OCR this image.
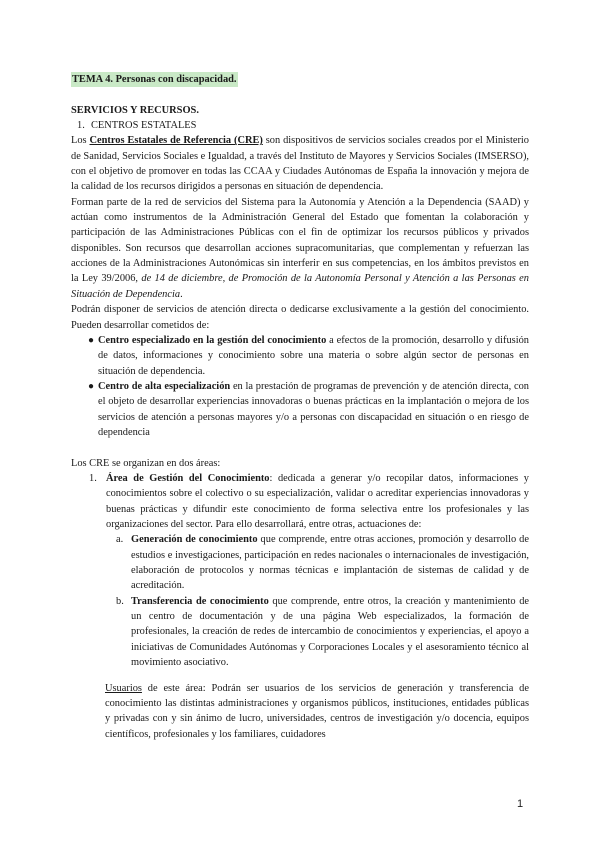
TEMA 4. Personas con discapacidad.
SERVICIOS Y RECURSOS.
1. CENTROS ESTATALES

Los Centros Estatales de Referencia (CRE) son dispositivos de servicios sociales creados por el Ministerio de Sanidad, Servicios Sociales e Igualdad, a través del Instituto de Mayores y Servicios Sociales (IMSERSO), con el objetivo de promover en todas las CCAA y Ciudades Autónomas de España la innovación y mejora de la calidad de los recursos dirigidos a personas en situación de dependencia.

Forman parte de la red de servicios del Sistema para la Autonomía y Atención a la Dependencia (SAAD) y actúan como instrumentos de la Administración General del Estado que fomentan la colaboración y participación de las Administraciones Públicas con el fin de optimizar los recursos públicos y privados disponibles. Son recursos que desarrollan acciones supracomunitarias, que complementan y refuerzan las acciones de la Administraciones Autonómicas sin interferir en sus competencias, en los ámbitos previstos en la Ley 39/2006, de 14 de diciembre, de Promoción de la Autonomía Personal y Atención a las Personas en Situación de Dependencia.

Podrán disponer de servicios de atención directa o dedicarse exclusivamente a la gestión del conocimiento. Pueden desarrollar cometidos de:

● Centro especializado en la gestión del conocimiento a efectos de la promoción, desarrollo y difusión de datos, informaciones y conocimiento sobre una materia o sobre algún sector de personas en situación de dependencia.
● Centro de alta especialización en la prestación de programas de prevención y de atención directa, con el objeto de desarrollar experiencias innovadoras o buenas prácticas en la implantación o mejora de los servicios de atención a personas mayores y/o a personas con discapacidad en situación o en riesgo de dependencia

Los CRE se organizan en dos áreas:

1. Área de Gestión del Conocimiento: dedicada a generar y/o recopilar datos, informaciones y conocimientos sobre el colectivo o su especialización, validar o acreditar experiencias innovadoras y buenas prácticas y difundir este conocimiento de forma selectiva entre los profesionales y las organizaciones del sector. Para ello desarrollará, entre otras, actuaciones de:
a. Generación de conocimiento que comprende, entre otras acciones, promoción y desarrollo de estudios e investigaciones, participación en redes nacionales o internacionales de investigación, elaboración de protocolos y normas técnicas e implantación de sistemas de calidad y de acreditación.
b. Transferencia de conocimiento que comprende, entre otros, la creación y mantenimiento de un centro de documentación y de una página Web especializados, la formación de profesionales, la creación de redes de intercambio de conocimientos y experiencias, el apoyo a iniciativas de Comunidades Autónomas y Corporaciones Locales y el asesoramiento técnico al movimiento asociativo.

Usuarios de este área: Podrán ser usuarios de los servicios de generación y transferencia de conocimiento las distintas administraciones y organismos públicos, instituciones, entidades públicas y privadas con y sin ánimo de lucro, universidades, centros de investigación y/o docencia, equipos científicos, profesionales y los familiares, cuidadores

1
